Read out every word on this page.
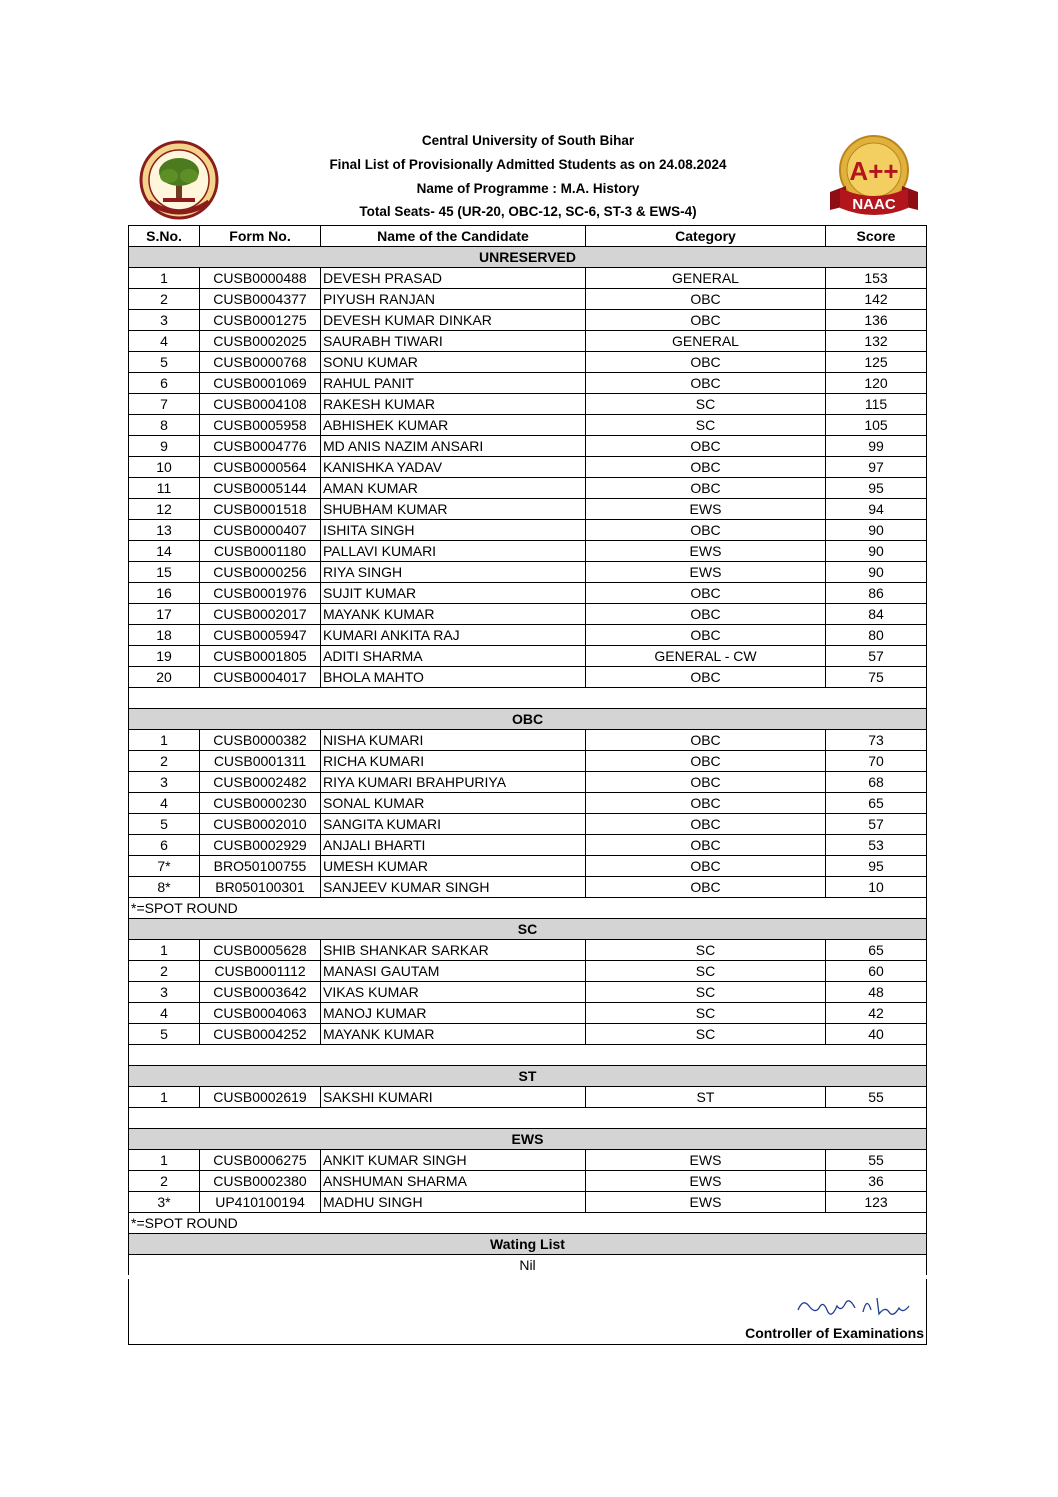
A++
NAAC
Central University of South Bihar
Final List of Provisionally Admitted Students as on 24.08.2024
Name of Programme : M.A. History
Total Seats- 45 (UR-20, OBC-12, SC-6, ST-3 & EWS-4)
S.No.	Form No.	Name of the Candidate	Category	Score
UNRESERVED				
1	CUSB0000488	DEVESH PRASAD	GENERAL	153
2	CUSB0004377	PIYUSH RANJAN	OBC	142
3	CUSB0001275	DEVESH KUMAR DINKAR	OBC	136
4	CUSB0002025	SAURABH TIWARI	GENERAL	132
5	CUSB0000768	SONU KUMAR	OBC	125
6	CUSB0001069	RAHUL PANIT	OBC	120
7	CUSB0004108	RAKESH KUMAR	SC	115
8	CUSB0005958	ABHISHEK KUMAR	SC	105
9	CUSB0004776	MD ANIS NAZIM ANSARI	OBC	99
10	CUSB0000564	KANISHKA YADAV	OBC	97
11	CUSB0005144	AMAN KUMAR	OBC	95
12	CUSB0001518	SHUBHAM KUMAR	EWS	94
13	CUSB0000407	ISHITA SINGH	OBC	90
14	CUSB0001180	PALLAVI KUMARI	EWS	90
15	CUSB0000256	RIYA SINGH	EWS	90
16	CUSB0001976	SUJIT KUMAR	OBC	86
17	CUSB0002017	MAYANK KUMAR	OBC	84
18	CUSB0005947	KUMARI ANKITA RAJ	OBC	80
19	CUSB0001805	ADITI SHARMA	GENERAL - CW	57
20	CUSB0004017	BHOLA MAHTO	OBC	75

OBC				
1	CUSB0000382	NISHA KUMARI	OBC	73
2	CUSB0001311	RICHA KUMARI	OBC	70
3	CUSB0002482	RIYA KUMARI BRAHPURIYA	OBC	68
4	CUSB0000230	SONAL KUMAR	OBC	65
5	CUSB0002010	SANGITA KUMARI	OBC	57
6	CUSB0002929	ANJALI BHARTI	OBC	53
7*	BRO50100755	UMESH KUMAR	OBC	95
8*	BR050100301	SANJEEV KUMAR SINGH	OBC	10
*=SPOT ROUND				
SC				
1	CUSB0005628	SHIB SHANKAR SARKAR	SC	65
2	CUSB0001112	MANASI GAUTAM	SC	60
3	CUSB0003642	VIKAS KUMAR	SC	48
4	CUSB0004063	MANOJ KUMAR	SC	42
5	CUSB0004252	MAYANK KUMAR	SC	40

ST				
1	CUSB0002619	SAKSHI KUMARI	ST	55

EWS				
1	CUSB0006275	ANKIT KUMAR SINGH	EWS	55
2	CUSB0002380	ANSHUMAN SHARMA	EWS	36
3*	UP410100194	MADHU SINGH	EWS	123
*=SPOT ROUND				
Wating List				
Nil				
Controller of Examinations
